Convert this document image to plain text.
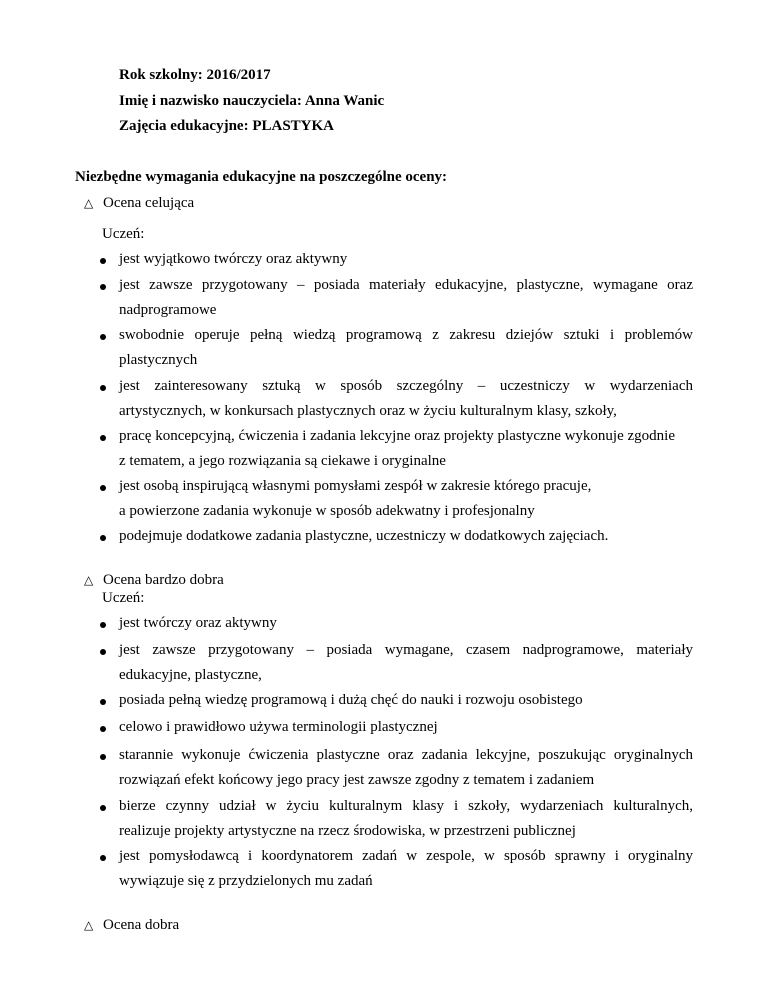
Rok szkolny: 2016/2017
Imię i nazwisko nauczyciela: Anna Wanic
Zajęcia edukacyjne: PLASTYKA
Niezbędne wymagania edukacyjne na poszczególne oceny:
△ Ocena celująca
Uczeń:
jest wyjątkowo twórczy oraz aktywny
jest zawsze przygotowany – posiada materiały edukacyjne, plastyczne, wymagane oraz
nadprogramowe
swobodnie operuje pełną wiedzą programową z zakresu dziejów sztuki i problemów
plastycznych
jest zainteresowany sztuką w sposób szczególny – uczestniczy w wydarzeniach
artystycznych, w konkursach plastycznych oraz w życiu kulturalnym klasy, szkoły,
pracę koncepcyjną, ćwiczenia i zadania lekcyjne oraz projekty plastyczne wykonuje zgodnie
z tematem, a jego rozwiązania są ciekawe i oryginalne
jest osobą inspirującą własnymi pomysłami zespół w zakresie którego pracuje,
a powierzone zadania wykonuje w sposób adekwatny i profesjonalny
podejmuje dodatkowe zadania plastyczne, uczestniczy w dodatkowych zajęciach.
△ Ocena bardzo dobra
Uczeń:
jest twórczy oraz aktywny
jest zawsze przygotowany – posiada wymagane, czasem nadprogramowe, materiały
edukacyjne, plastyczne,
posiada pełną wiedzę programową i dużą chęć do nauki i rozwoju osobistego
celowo i prawidłowo używa terminologii plastycznej
starannie wykonuje ćwiczenia plastyczne oraz zadania lekcyjne, poszukując oryginalnych
rozwiązań efekt końcowy jego pracy jest zawsze zgodny z tematem i zadaniem
bierze czynny udział w życiu kulturalnym klasy i szkoły, wydarzeniach kulturalnych,
realizuje projekty artystyczne na rzecz środowiska, w przestrzeni publicznej
jest pomysłodawcą i koordynatorem zadań w zespole, w sposób sprawny i oryginalny
wywiązuje się z przydzielonych mu zadań
△ Ocena dobra
